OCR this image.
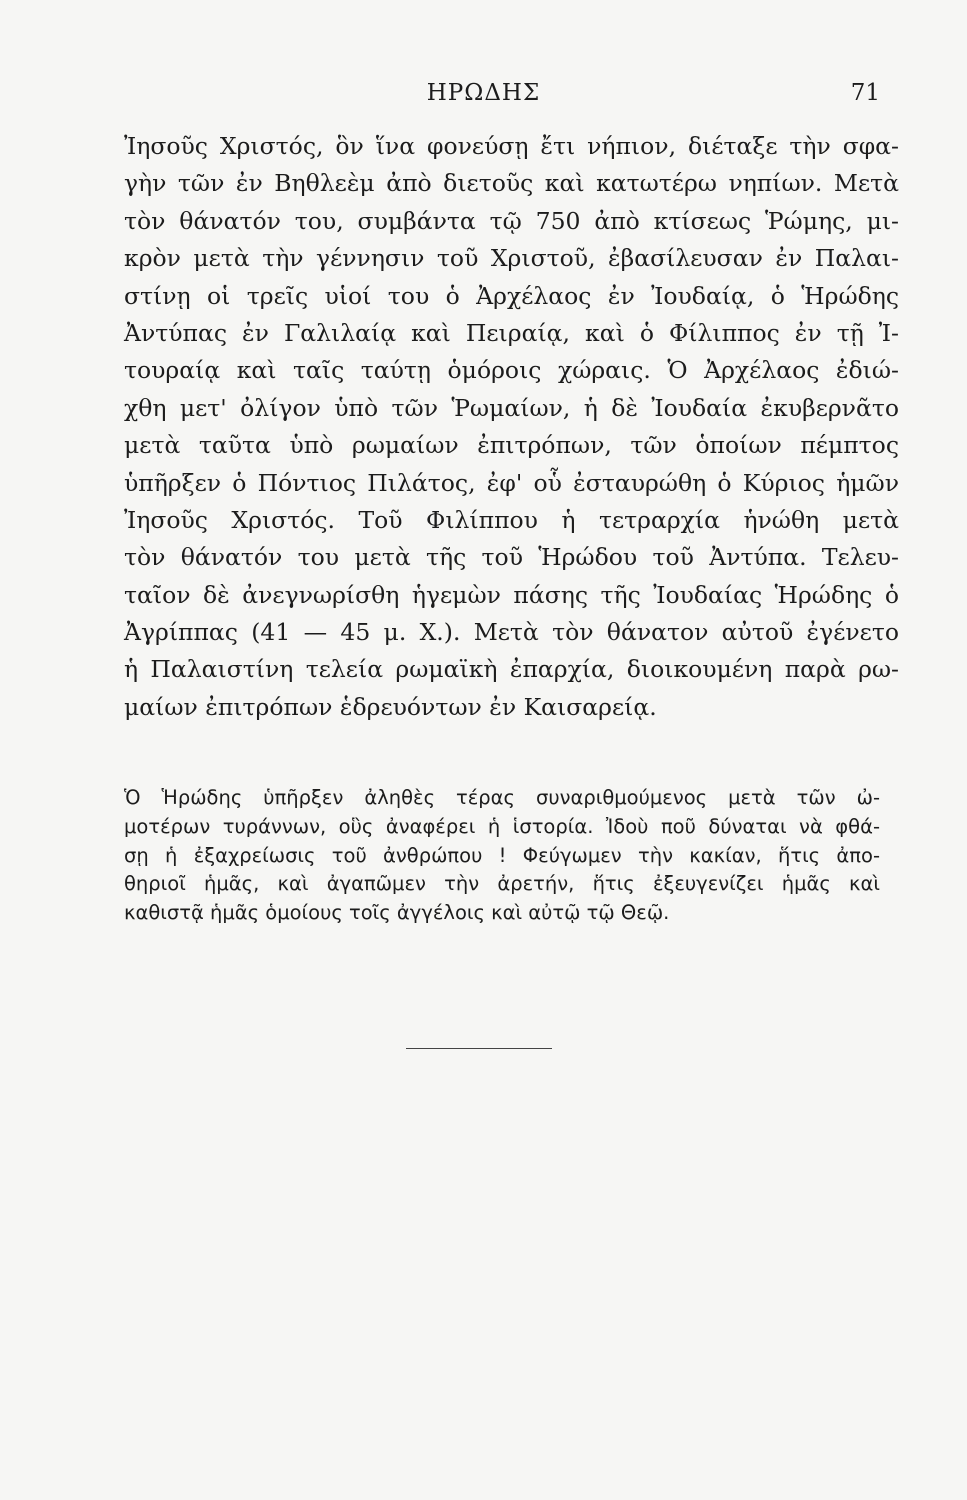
ΗΡΩΔΗΣ	71
Ἰησοῦς Χριστός, ὃν ἵνα φονεύσῃ ἔτι νήπιον, διέταξε τὴν σφα-
γὴν τῶν ἐν Βηθλεὲμ ἀπὸ διετοῦς καὶ κατωτέρω νηπίων. Μετὰ
τὸν θάνατόν του, συμβάντα τῷ 750 ἀπὸ κτίσεως Ῥώμης, μι-
κρὸν μετὰ τὴν γέννησιν τοῦ Χριστοῦ, ἐβασίλευσαν ἐν Παλαι-
στίνῃ οἱ τρεῖς υἱοί του ὁ Ἀρχέλαος ἐν Ἰουδαίᾳ, ὁ Ἡρώδης
Ἀντύπας ἐν Γαλιλαίᾳ καὶ Πειραίᾳ, καὶ ὁ Φίλιππος ἐν τῇ Ἰ-
τουραίᾳ καὶ ταῖς ταύτῃ ὁμόροις χώραις. Ὁ Ἀρχέλαος ἐδιώ-
χθη μετ' ὀλίγον ὑπὸ τῶν Ῥωμαίων, ἡ δὲ Ἰουδαία ἐκυβερνᾶτο
μετὰ ταῦτα ὑπὸ ρωμαίων ἐπιτρόπων, τῶν ὁποίων πέμπτος
ὑπῆρξεν ὁ Πόντιος Πιλάτος, ἐφ' οὗ ἐσταυρώθη ὁ Κύριος ἡμῶν
Ἰησοῦς Χριστός. Τοῦ Φιλίππου ἡ τετραρχία ἡνώθη μετὰ
τὸν θάνατόν του μετὰ τῆς τοῦ Ἡρώδου τοῦ Ἀντύπα. Τελευ-
ταῖον δὲ ἀνεγνωρίσθη ἡγεμὼν πάσης τῆς Ἰουδαίας Ἡρώδης ὁ
Ἀγρίππας (41 — 45 μ. Χ.). Μετὰ τὸν θάνατον αὐτοῦ ἐγένετο
ἡ Παλαιστίνη τελεία ρωμαϊκὴ ἐπαρχία, διοικουμένη παρὰ ρω-
μαίων ἐπιτρόπων ἑδρευόντων ἐν Καισαρείᾳ.
Ὁ Ἡρώδης ὑπῆρξεν ἀληθὲς τέρας συναριθμούμενος μετὰ τῶν ὠ-
μοτέρων τυράννων, οὓς ἀναφέρει ἡ ἱστορία. Ἰδοὺ ποῦ δύναται νὰ φθά-
σῃ ἡ ἐξαχρείωσις τοῦ ἀνθρώπου ! Φεύγωμεν τὴν κακίαν, ἥτις ἀπο-
θηριοῖ ἡμᾶς, καὶ ἀγαπῶμεν τὴν ἀρετήν, ἥτις ἐξευγενίζει ἡμᾶς καὶ
καθιστᾷ ἡμᾶς ὁμοίους τοῖς ἀγγέλοις καὶ αὐτῷ τῷ Θεῷ.
